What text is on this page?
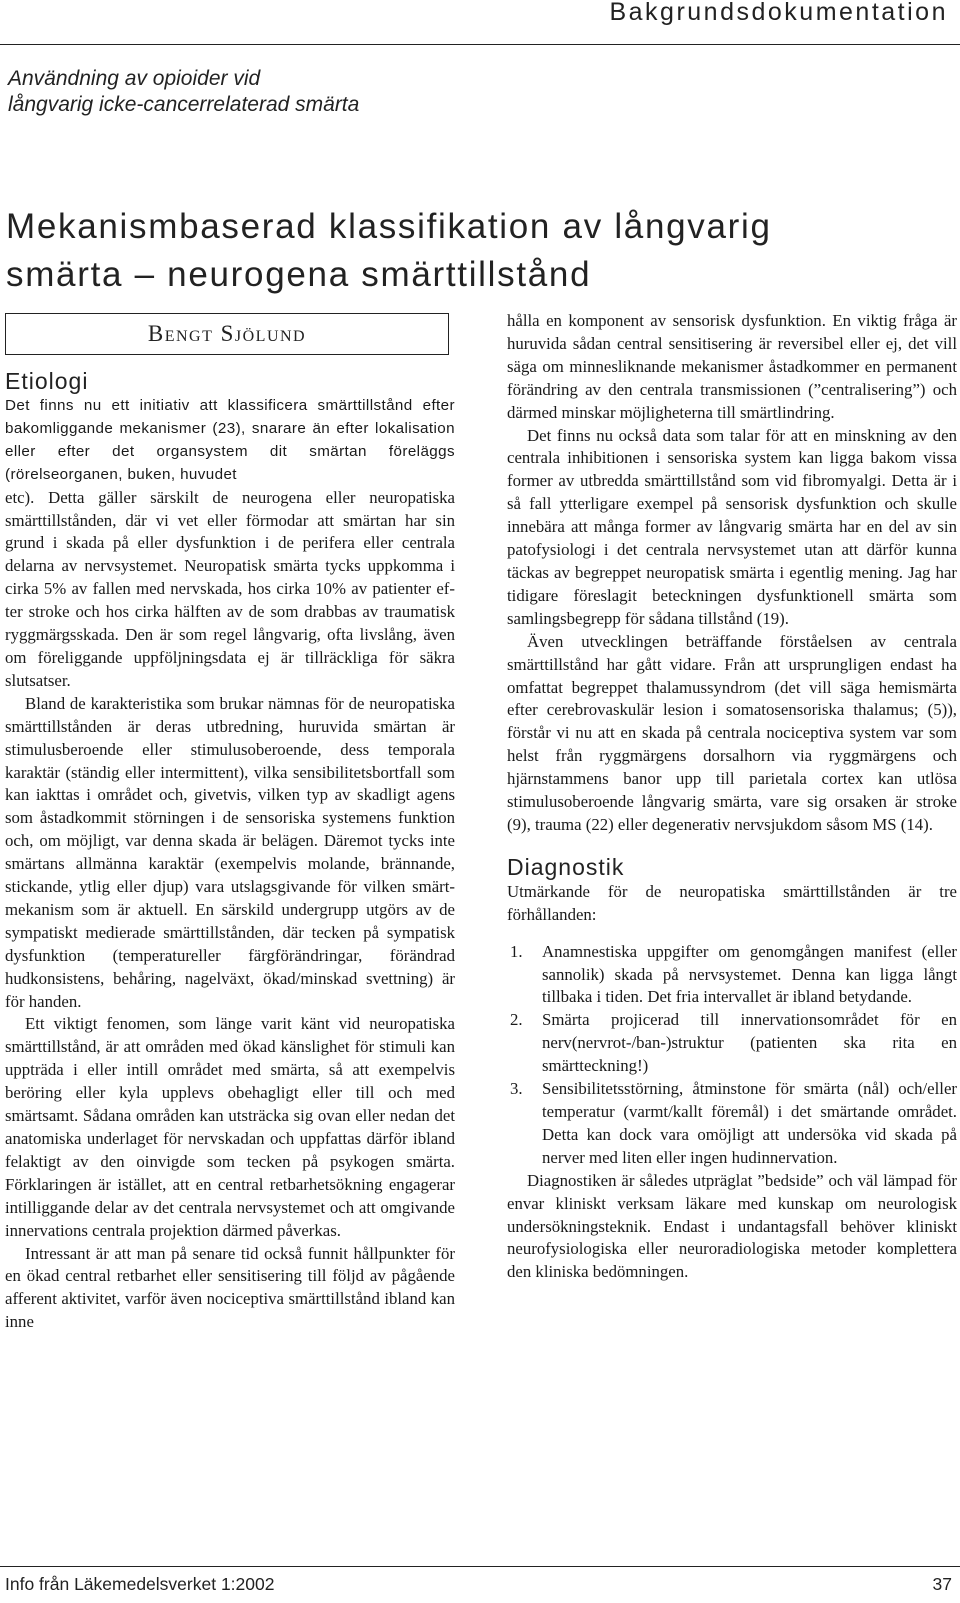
Bakgrundsdokumentation
Användning av opioider vid
långvarig icke-cancerrelaterad smärta
Mekanismbaserad klassifikation av långvarig
smärta – neurogena smärttillstånd
Bengt Sjölund
Etiologi

Det finns nu ett initiativ att klassificera smärttillstånd efter bakomliggande mekanismer (23), snarare än efter lokalisation eller efter det organsystem dit smärtan föreläggs (rörelseorganen, buken, huvudet

etc). Detta gäller särskilt de neurogena eller neuropatiska smärttillstånden, där vi vet eller förmodar att smärtan har sin grund i skada på eller dysfunktion i de perifera eller centrala delarna av nervsystemet. Neuropatisk smärta tycks uppkomma i cirka 5% av fallen med nervskada, hos cirka 10% av patienter efter stroke och hos cirka hälften av de som drabbas av traumatisk ryggmärgsskada. Den är som regel långvarig, ofta livslång, även om föreliggande uppföljningsdata ej är tillräckliga för säkra slutsatser.

Bland de karakteristika som brukar nämnas för de neuropatiska smärttillstånden är deras utbredning, huruvida smärtan är stimulusberoende eller stimulusoberoende, dess temporala karaktär (ständig eller intermittent), vilka sensibilitetsbortfall som kan iakttas i området och, givetvis, vilken typ av skadligt agens som åstadkommit störningen i de sensoriska systemens funktion och, om möjligt, var denna skada är belägen. Däremot tycks inte smärtans allmänna karaktär (exempelvis molande, brännande, stickande, ytlig eller djup) vara utslagsgivande för vilken smärtmekanism som är aktuell. En särskild undergrupp utgörs av de sympatiskt medierade smärttillstånden, där tecken på sympatisk dysfunktion (temperatureller färgförändringar, förändrad hudkonsistens, behåring, nagelväxt, ökad/minskad svettning) är för handen.

Ett viktigt fenomen, som länge varit känt vid neuropatiska smärttillstånd, är att områden med ökad känslighet för stimuli kan uppträda i eller intill området med smärta, så att exempelvis beröring eller kyla upplevs obehagligt eller till och med smärtsamt. Sådana områden kan utsträcka sig ovan eller nedan det anatomiska underlaget för nervskadan och uppfattas därför ibland felaktigt av den oinvigde som tecken på psykogen smärta. Förklaringen är istället, att en central retbarhetsökning engagerar intilliggande delar av det centrala nervsystemet och att omgivande innervations centrala projektion därmed påverkas.

Intressant är att man på senare tid också funnit hållpunkter för en ökad central retbarhet eller sensitisering till följd av pågående afferent aktivitet, varför även nociceptiva smärttillstånd ibland kan inne

hålla en komponent av sensorisk dysfunktion. En viktig fråga är huruvida sådan central sensitisering är reversibel eller ej, det vill säga om minnesliknande mekanismer åstadkommer en permanent förändring av den centrala transmissionen (”centralisering”) och därmed minskar möjligheterna till smärtlindring.

Det finns nu också data som talar för att en minskning av den centrala inhibitionen i sensoriska system kan ligga bakom vissa former av utbredda smärttillstånd som vid fibromyalgi. Detta är i så fall ytterligare exempel på sensorisk dysfunktion och skulle innebära att många former av långvarig smärta har en del av sin patofysiologi i det centrala nervsystemet utan att därför kunna täckas av begreppet neuropatisk smärta i egentlig mening. Jag har tidigare föreslagit beteckningen dysfunktionell smärta som samlingsbegrepp för sådana tillstånd (19).

Även utvecklingen beträffande förståelsen av centrala smärttillstånd har gått vidare. Från att ursprungligen endast ha omfattat begreppet thalamussyndrom (det vill säga hemismärta efter cerebrovaskulär lesion i somatosensoriska thalamus; (5)), förstår vi nu att en skada på centrala nociceptiva system var som helst från ryggmärgens dorsalhorn via ryggmärgens och hjärnstammens banor upp till parietala cortex kan utlösa stimulusoberoende långvarig smärta, vare sig orsaken är stroke (9), trauma (22) eller degenerativ nervsjukdom såsom MS (14).

Diagnostik

Utmärkande för de neuropatiska smärttillstånden är tre förhållanden:

1. Anamnestiska uppgifter om genomgången manifest (eller sannolik) skada på nervsystemet. Denna kan ligga långt tillbaka i tiden. Det fria intervallet är ibland betydande.
2. Smärta projicerad till innervationsområdet för en nerv(nervrot-/ban-)struktur (patienten ska rita en smärtteckning!)
3. Sensibilitetsstörning, åtminstone för smärta (nål) och/eller temperatur (varmt/kallt föremål) i det smärtande området. Detta kan dock vara omöjligt att undersöka vid skada på nerver med liten eller ingen hudinnervation.

Diagnostiken är således utpräglat ”bedside” och väl lämpad för envar kliniskt verksam läkare med kunskap om neurologisk undersökningsteknik. Endast i undantagsfall behöver kliniskt neurofysiologiska eller neuroradiologiska metoder komplettera den kliniska bedömningen.

Info från Läkemedelsverket 1:2002	37
